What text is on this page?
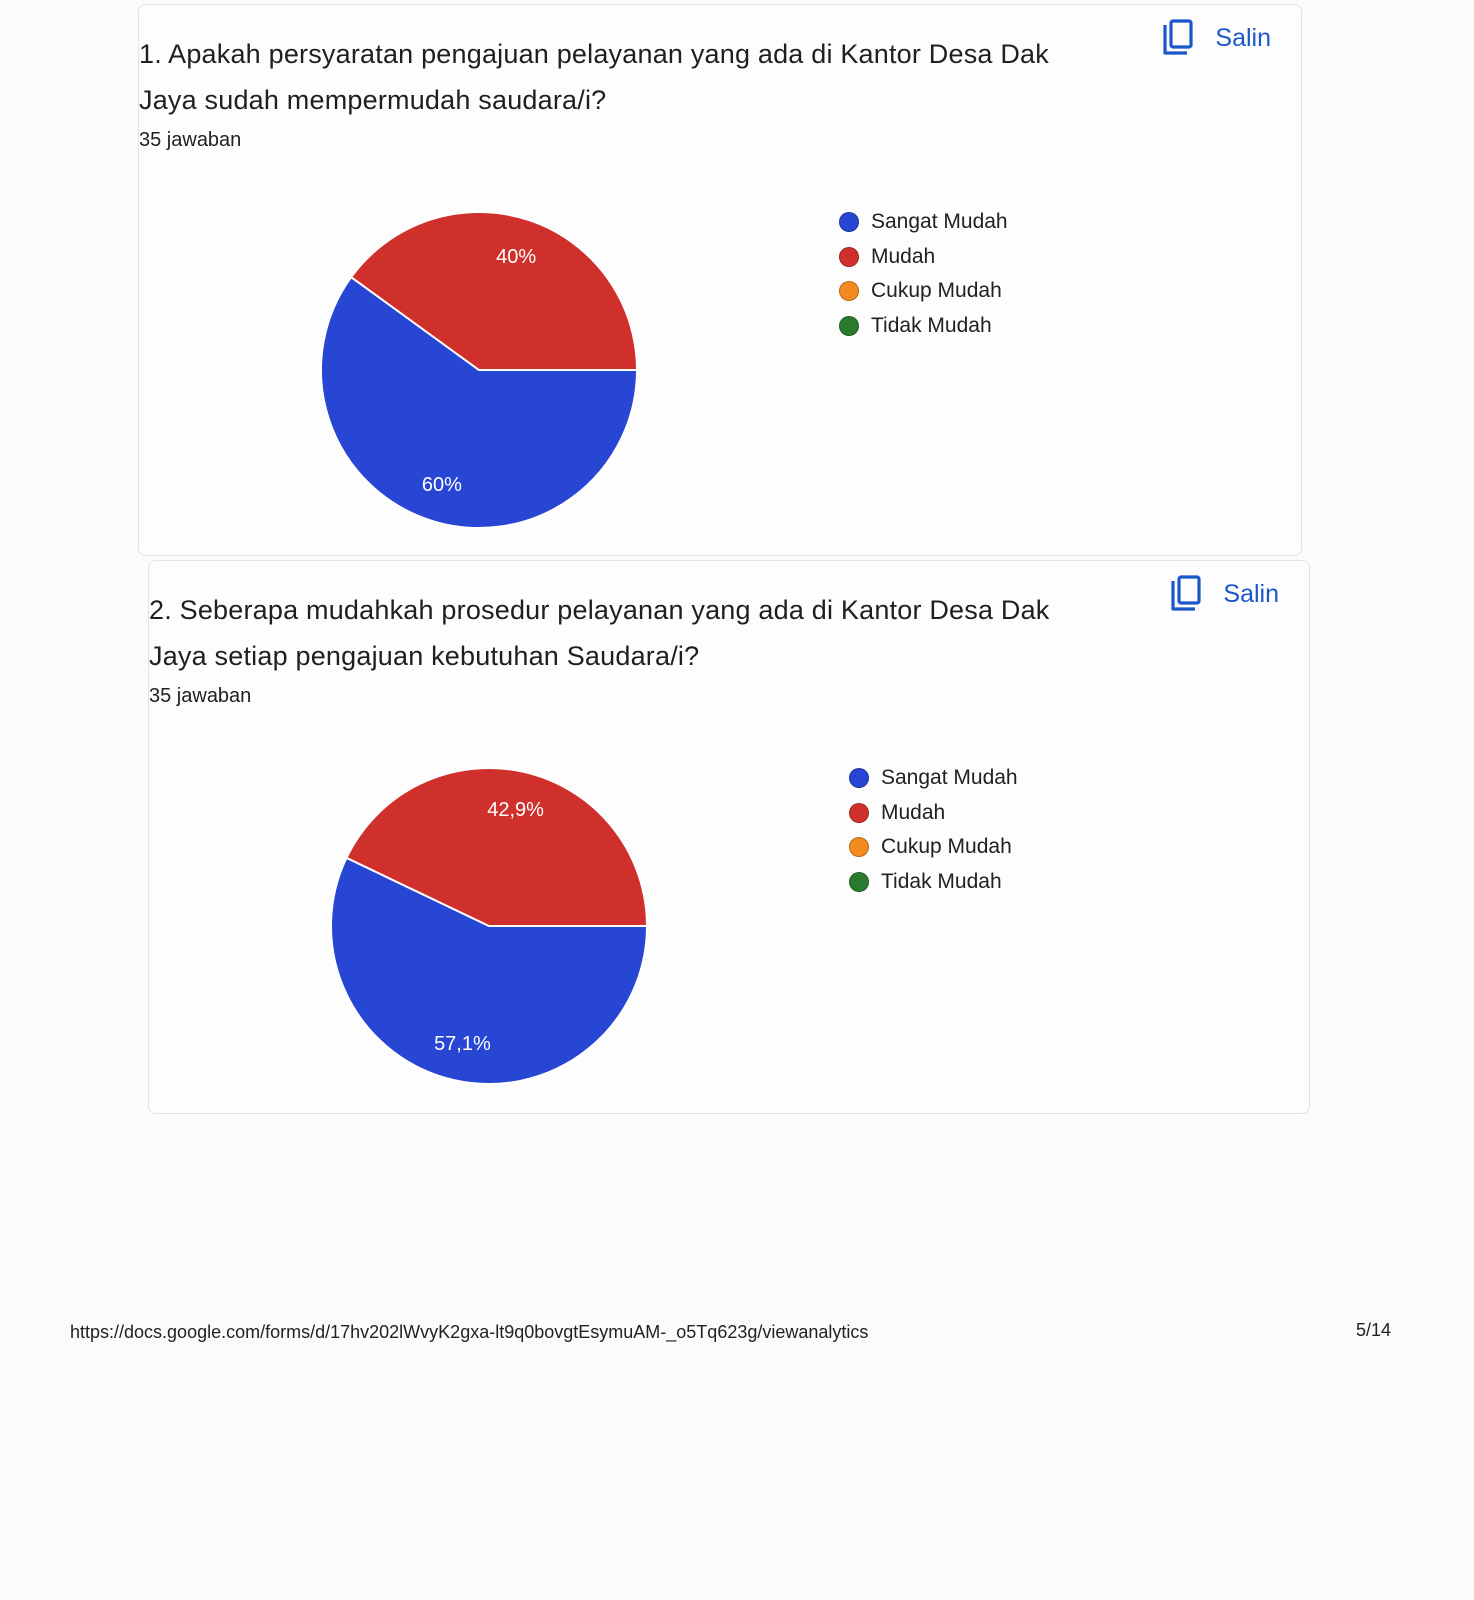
1. Apakah persyaratan pengajuan pelayanan yang ada di Kantor Desa Dak Jaya sudah mempermudah saudara/i?
35 jawaban
Salin
60%
40%
Sangat Mudah
Mudah
Cukup Mudah
Tidak Mudah
2. Seberapa mudahkah prosedur pelayanan yang ada di Kantor Desa Dak Jaya setiap pengajuan kebutuhan Saudara/i?
35 jawaban
Salin
57,1%
42,9%
Sangat Mudah
Mudah
Cukup Mudah
Tidak Mudah
https://docs.google.com/forms/d/17hv202lWvyK2gxa-lt9q0bovgtEsymuAM-_o5Tq623g/viewanalytics	5/14
